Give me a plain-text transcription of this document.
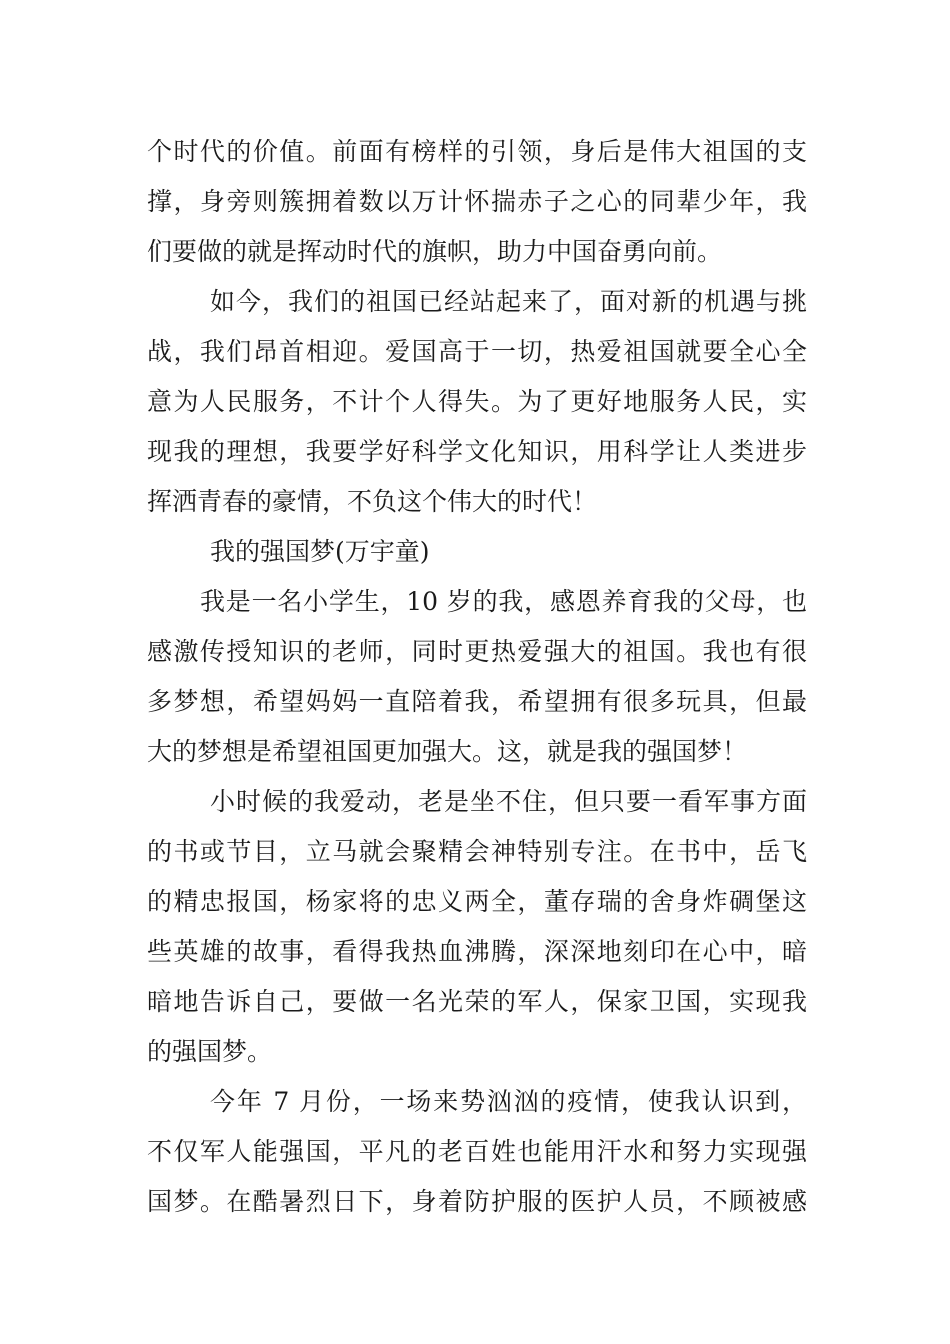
个时代的价值。前面有榜样的引领，身后是伟大祖国的支
撑，身旁则簇拥着数以万计怀揣赤子之心的同辈少年，我
们要做的就是挥动时代的旗帜，助力中国奋勇向前。
如今，我们的祖国已经站起来了，面对新的机遇与挑
战，我们昂首相迎。爱国高于一切，热爱祖国就要全心全
意为人民服务，不计个人得失。为了更好地服务人民，实
现我的理想，我要学好科学文化知识，用科学让人类进步
挥洒青春的豪情，不负这个伟大的时代！
我的强国梦(万宇童)
我是一名小学生，10 岁的我，感恩养育我的父母，也
感激传授知识的老师，同时更热爱强大的祖国。我也有很
多梦想，希望妈妈一直陪着我，希望拥有很多玩具，但最
大的梦想是希望祖国更加强大。这，就是我的强国梦！
小时候的我爱动，老是坐不住，但只要一看军事方面
的书或节目，立马就会聚精会神特别专注。在书中，岳飞
的精忠报国，杨家将的忠义两全，董存瑞的舍身炸碉堡这
些英雄的故事，看得我热血沸腾，深深地刻印在心中，暗
暗地告诉自己，要做一名光荣的军人，保家卫国，实现我
的强国梦。
今年 7 月份，一场来势汹汹的疫情，使我认识到，
不仅军人能强国，平凡的老百姓也能用汗水和努力实现强
国梦。在酷暑烈日下，身着防护服的医护人员，不顾被感
